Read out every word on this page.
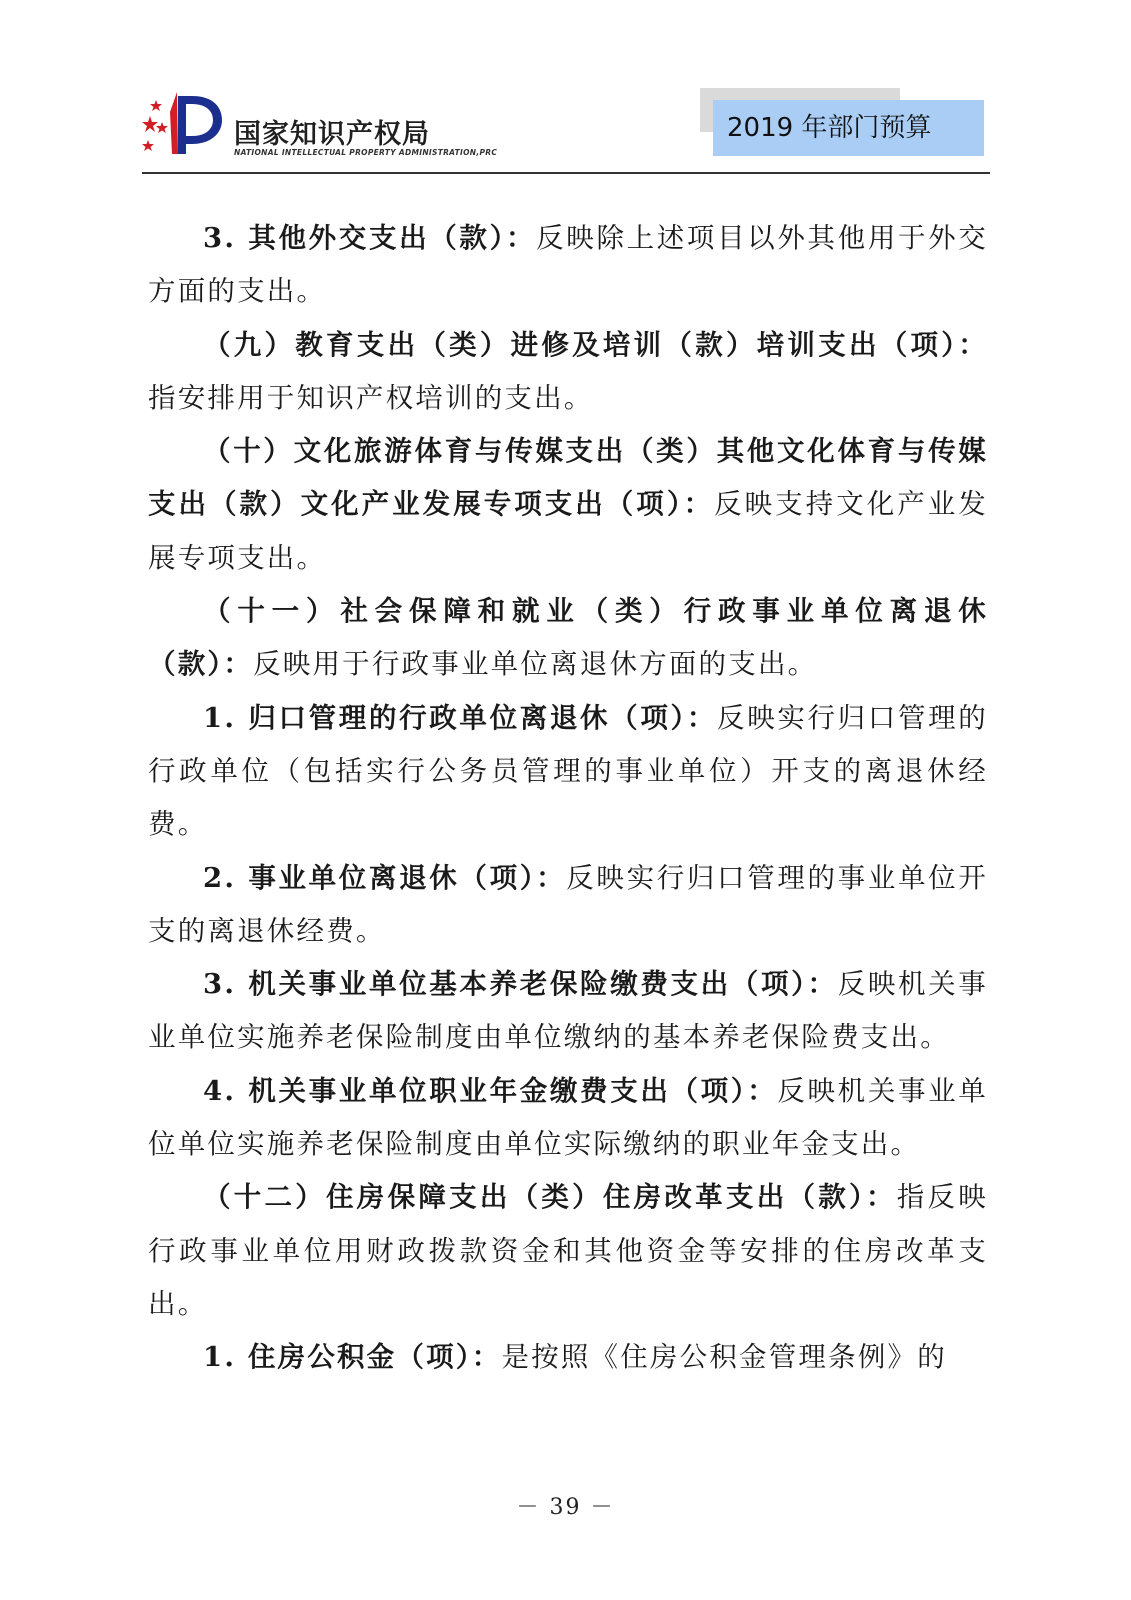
国家知识产权局
NATIONAL INTELLECTUAL PROPERTY ADMINISTRATION,PRC
2019 年部门预算

3. 其他外交支出（款）：反映除上述项目以外其他用于外交方面的支出。

（九）教育支出（类）进修及培训（款）培训支出（项）：指安排用于知识产权培训的支出。

（十）文化旅游体育与传媒支出（类）其他文化体育与传媒支出（款）文化产业发展专项支出（项）：反映支持文化产业发展专项支出。

（十一）社会保障和就业（类）行政事业单位离退休（款）：反映用于行政事业单位离退休方面的支出。

1. 归口管理的行政单位离退休（项）：反映实行归口管理的行政单位（包括实行公务员管理的事业单位）开支的离退休经费。

2. 事业单位离退休（项）：反映实行归口管理的事业单位开支的离退休经费。

3. 机关事业单位基本养老保险缴费支出（项）：反映机关事业单位实施养老保险制度由单位缴纳的基本养老保险费支出。

4. 机关事业单位职业年金缴费支出（项）：反映机关事业单位单位实施养老保险制度由单位实际缴纳的职业年金支出。

（十二）住房保障支出（类）住房改革支出（款）：指反映行政事业单位用财政拨款资金和其他资金等安排的住房改革支出。

1. 住房公积金（项）：是按照《住房公积金管理条例》的

－ 39 －
